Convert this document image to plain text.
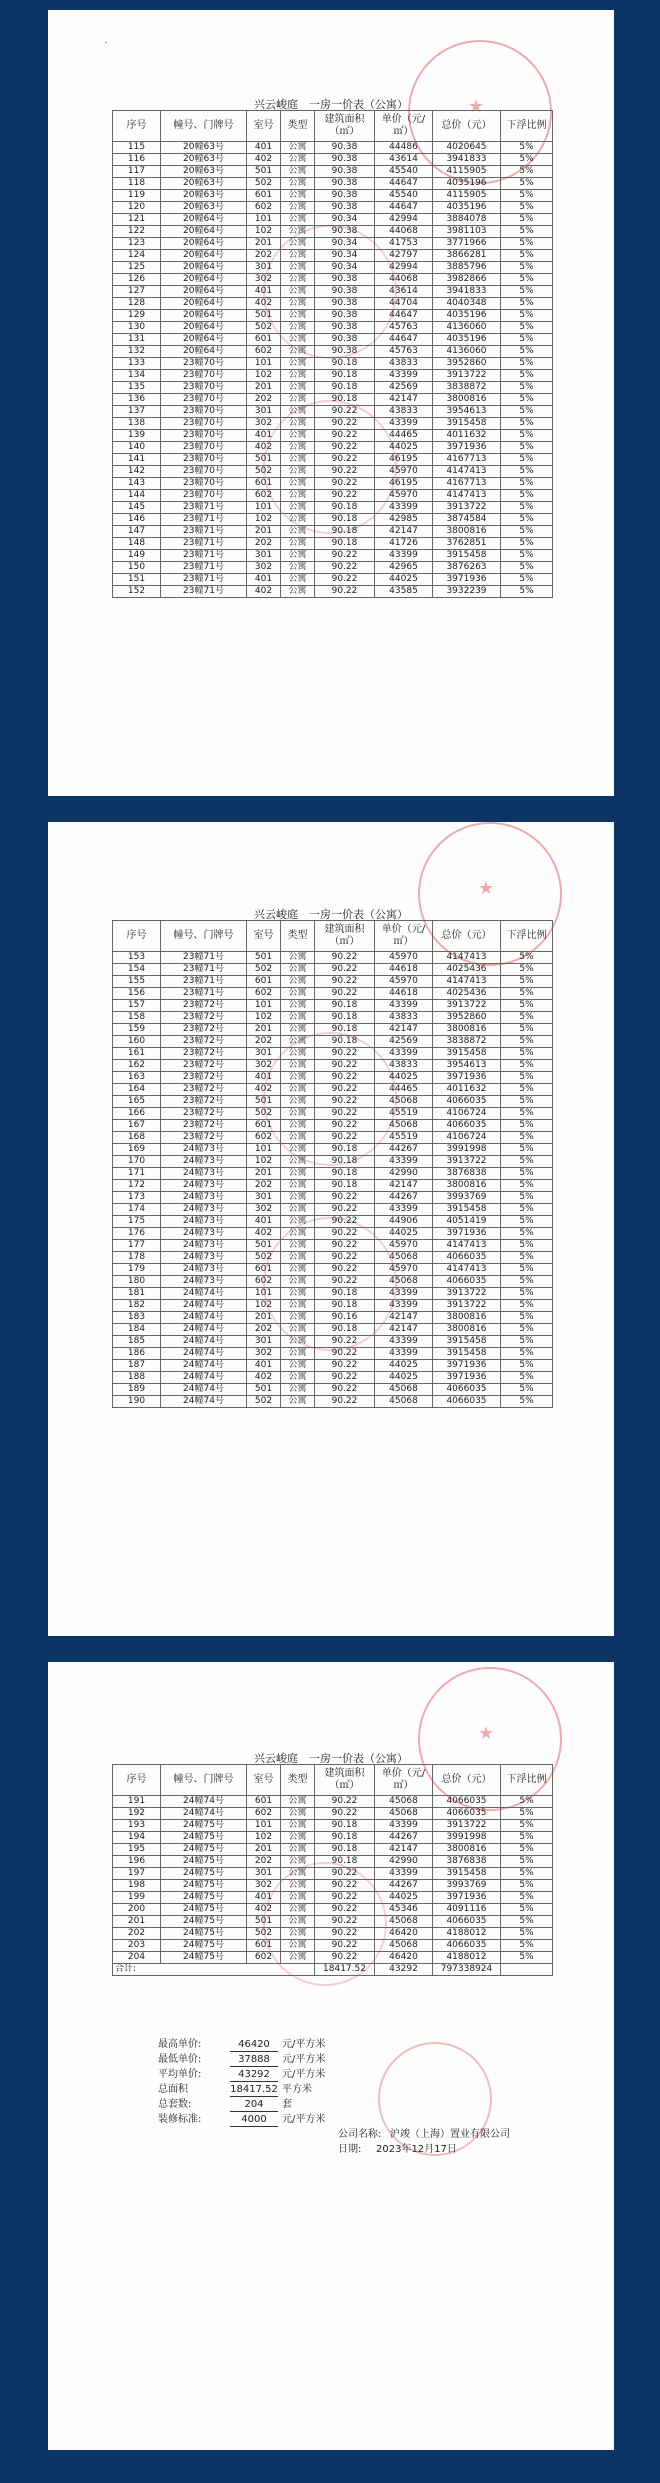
•
★
兴云峻庭　一房一价表（公寓）
序号	幢号、门牌号	室号	类型	建筑面积（㎡）	单价（元/㎡）	总价（元）	下浮比例
115	20幢63号	401	公寓	90.38	44486	4020645	5%
116	20幢63号	402	公寓	90.38	43614	3941833	5%
117	20幢63号	501	公寓	90.38	45540	4115905	5%
118	20幢63号	502	公寓	90.38	44647	4035196	5%
119	20幢63号	601	公寓	90.38	45540	4115905	5%
120	20幢63号	602	公寓	90.38	44647	4035196	5%
121	20幢64号	101	公寓	90.34	42994	3884078	5%
122	20幢64号	102	公寓	90.38	44068	3981103	5%
123	20幢64号	201	公寓	90.34	41753	3771966	5%
124	20幢64号	202	公寓	90.34	42797	3866281	5%
125	20幢64号	301	公寓	90.34	42994	3885796	5%
126	20幢64号	302	公寓	90.38	44068	3982866	5%
127	20幢64号	401	公寓	90.38	43614	3941833	5%
128	20幢64号	402	公寓	90.38	44704	4040348	5%
129	20幢64号	501	公寓	90.38	44647	4035196	5%
130	20幢64号	502	公寓	90.38	45763	4136060	5%
131	20幢64号	601	公寓	90.38	44647	4035196	5%
132	20幢64号	602	公寓	90.38	45763	4136060	5%
133	23幢70号	101	公寓	90.18	43833	3952860	5%
134	23幢70号	102	公寓	90.18	43399	3913722	5%
135	23幢70号	201	公寓	90.18	42569	3838872	5%
136	23幢70号	202	公寓	90.18	42147	3800816	5%
137	23幢70号	301	公寓	90.22	43833	3954613	5%
138	23幢70号	302	公寓	90.22	43399	3915458	5%
139	23幢70号	401	公寓	90.22	44465	4011632	5%
140	23幢70号	402	公寓	90.22	44025	3971936	5%
141	23幢70号	501	公寓	90.22	46195	4167713	5%
142	23幢70号	502	公寓	90.22	45970	4147413	5%
143	23幢70号	601	公寓	90.22	46195	4167713	5%
144	23幢70号	602	公寓	90.22	45970	4147413	5%
145	23幢71号	101	公寓	90.18	43399	3913722	5%
146	23幢71号	102	公寓	90.18	42985	3874584	5%
147	23幢71号	201	公寓	90.18	42147	3800816	5%
148	23幢71号	202	公寓	90.18	41726	3762851	5%
149	23幢71号	301	公寓	90.22	43399	3915458	5%
150	23幢71号	302	公寓	90.22	42965	3876263	5%
151	23幢71号	401	公寓	90.22	44025	3971936	5%
152	23幢71号	402	公寓	90.22	43585	3932239	5%
★
兴云峻庭　一房一价表（公寓）
序号	幢号、门牌号	室号	类型	建筑面积（㎡）	单价（元/㎡）	总价（元）	下浮比例
153	23幢71号	501	公寓	90.22	45970	4147413	5%
154	23幢71号	502	公寓	90.22	44618	4025436	5%
155	23幢71号	601	公寓	90.22	45970	4147413	5%
156	23幢71号	602	公寓	90.22	44618	4025436	5%
157	23幢72号	101	公寓	90.18	43399	3913722	5%
158	23幢72号	102	公寓	90.18	43833	3952860	5%
159	23幢72号	201	公寓	90.18	42147	3800816	5%
160	23幢72号	202	公寓	90.18	42569	3838872	5%
161	23幢72号	301	公寓	90.22	43399	3915458	5%
162	23幢72号	302	公寓	90.22	43833	3954613	5%
163	23幢72号	401	公寓	90.22	44025	3971936	5%
164	23幢72号	402	公寓	90.22	44465	4011632	5%
165	23幢72号	501	公寓	90.22	45068	4066035	5%
166	23幢72号	502	公寓	90.22	45519	4106724	5%
167	23幢72号	601	公寓	90.22	45068	4066035	5%
168	23幢72号	602	公寓	90.22	45519	4106724	5%
169	24幢73号	101	公寓	90.18	44267	3991998	5%
170	24幢73号	102	公寓	90.18	43399	3913722	5%
171	24幢73号	201	公寓	90.18	42990	3876838	5%
172	24幢73号	202	公寓	90.18	42147	3800816	5%
173	24幢73号	301	公寓	90.22	44267	3993769	5%
174	24幢73号	302	公寓	90.22	43399	3915458	5%
175	24幢73号	401	公寓	90.22	44906	4051419	5%
176	24幢73号	402	公寓	90.22	44025	3971936	5%
177	24幢73号	501	公寓	90.22	45970	4147413	5%
178	24幢73号	502	公寓	90.22	45068	4066035	5%
179	24幢73号	601	公寓	90.22	45970	4147413	5%
180	24幢73号	602	公寓	90.22	45068	4066035	5%
181	24幢74号	101	公寓	90.18	43399	3913722	5%
182	24幢74号	102	公寓	90.18	43399	3913722	5%
183	24幢74号	201	公寓	90.16	42147	3800816	5%
184	24幢74号	202	公寓	90.18	42147	3800816	5%
185	24幢74号	301	公寓	90.22	43399	3915458	5%
186	24幢74号	302	公寓	90.22	43399	3915458	5%
187	24幢74号	401	公寓	90.22	44025	3971936	5%
188	24幢74号	402	公寓	90.22	44025	3971936	5%
189	24幢74号	501	公寓	90.22	45068	4066035	5%
190	24幢74号	502	公寓	90.22	45068	4066035	5%
★
兴云峻庭　一房一价表（公寓）
序号	幢号、门牌号	室号	类型	建筑面积（㎡）	单价（元/㎡）	总价（元）	下浮比例
191	24幢74号	601	公寓	90.22	45068	4066035	5%
192	24幢74号	602	公寓	90.22	45068	4066035	5%
193	24幢75号	101	公寓	90.18	43399	3913722	5%
194	24幢75号	102	公寓	90.18	44267	3991998	5%
195	24幢75号	201	公寓	90.18	42147	3800816	5%
196	24幢75号	202	公寓	90.18	42990	3876838	5%
197	24幢75号	301	公寓	90.22	43399	3915458	5%
198	24幢75号	302	公寓	90.22	44267	3993769	5%
199	24幢75号	401	公寓	90.22	44025	3971936	5%
200	24幢75号	402	公寓	90.22	45346	4091116	5%
201	24幢75号	501	公寓	90.22	45068	4066035	5%
202	24幢75号	502	公寓	90.22	46420	4188012	5%
203	24幢75号	601	公寓	90.22	45068	4066035	5%
204	24幢75号	602	公寓	90.22	46420	4188012	5%
合计:				18417.52	43292	797338924	
最高单价:	46420 元/平方米
最低单价:	37888 元/平方米
平均单价:	43292 元/平方米
总面积	18417.52 平方米
总套数:	204 套
装修标准:	4000 元/平方米
公司名称: 沪竣（上海）置业有限公司
日期: 2023年12月17日
